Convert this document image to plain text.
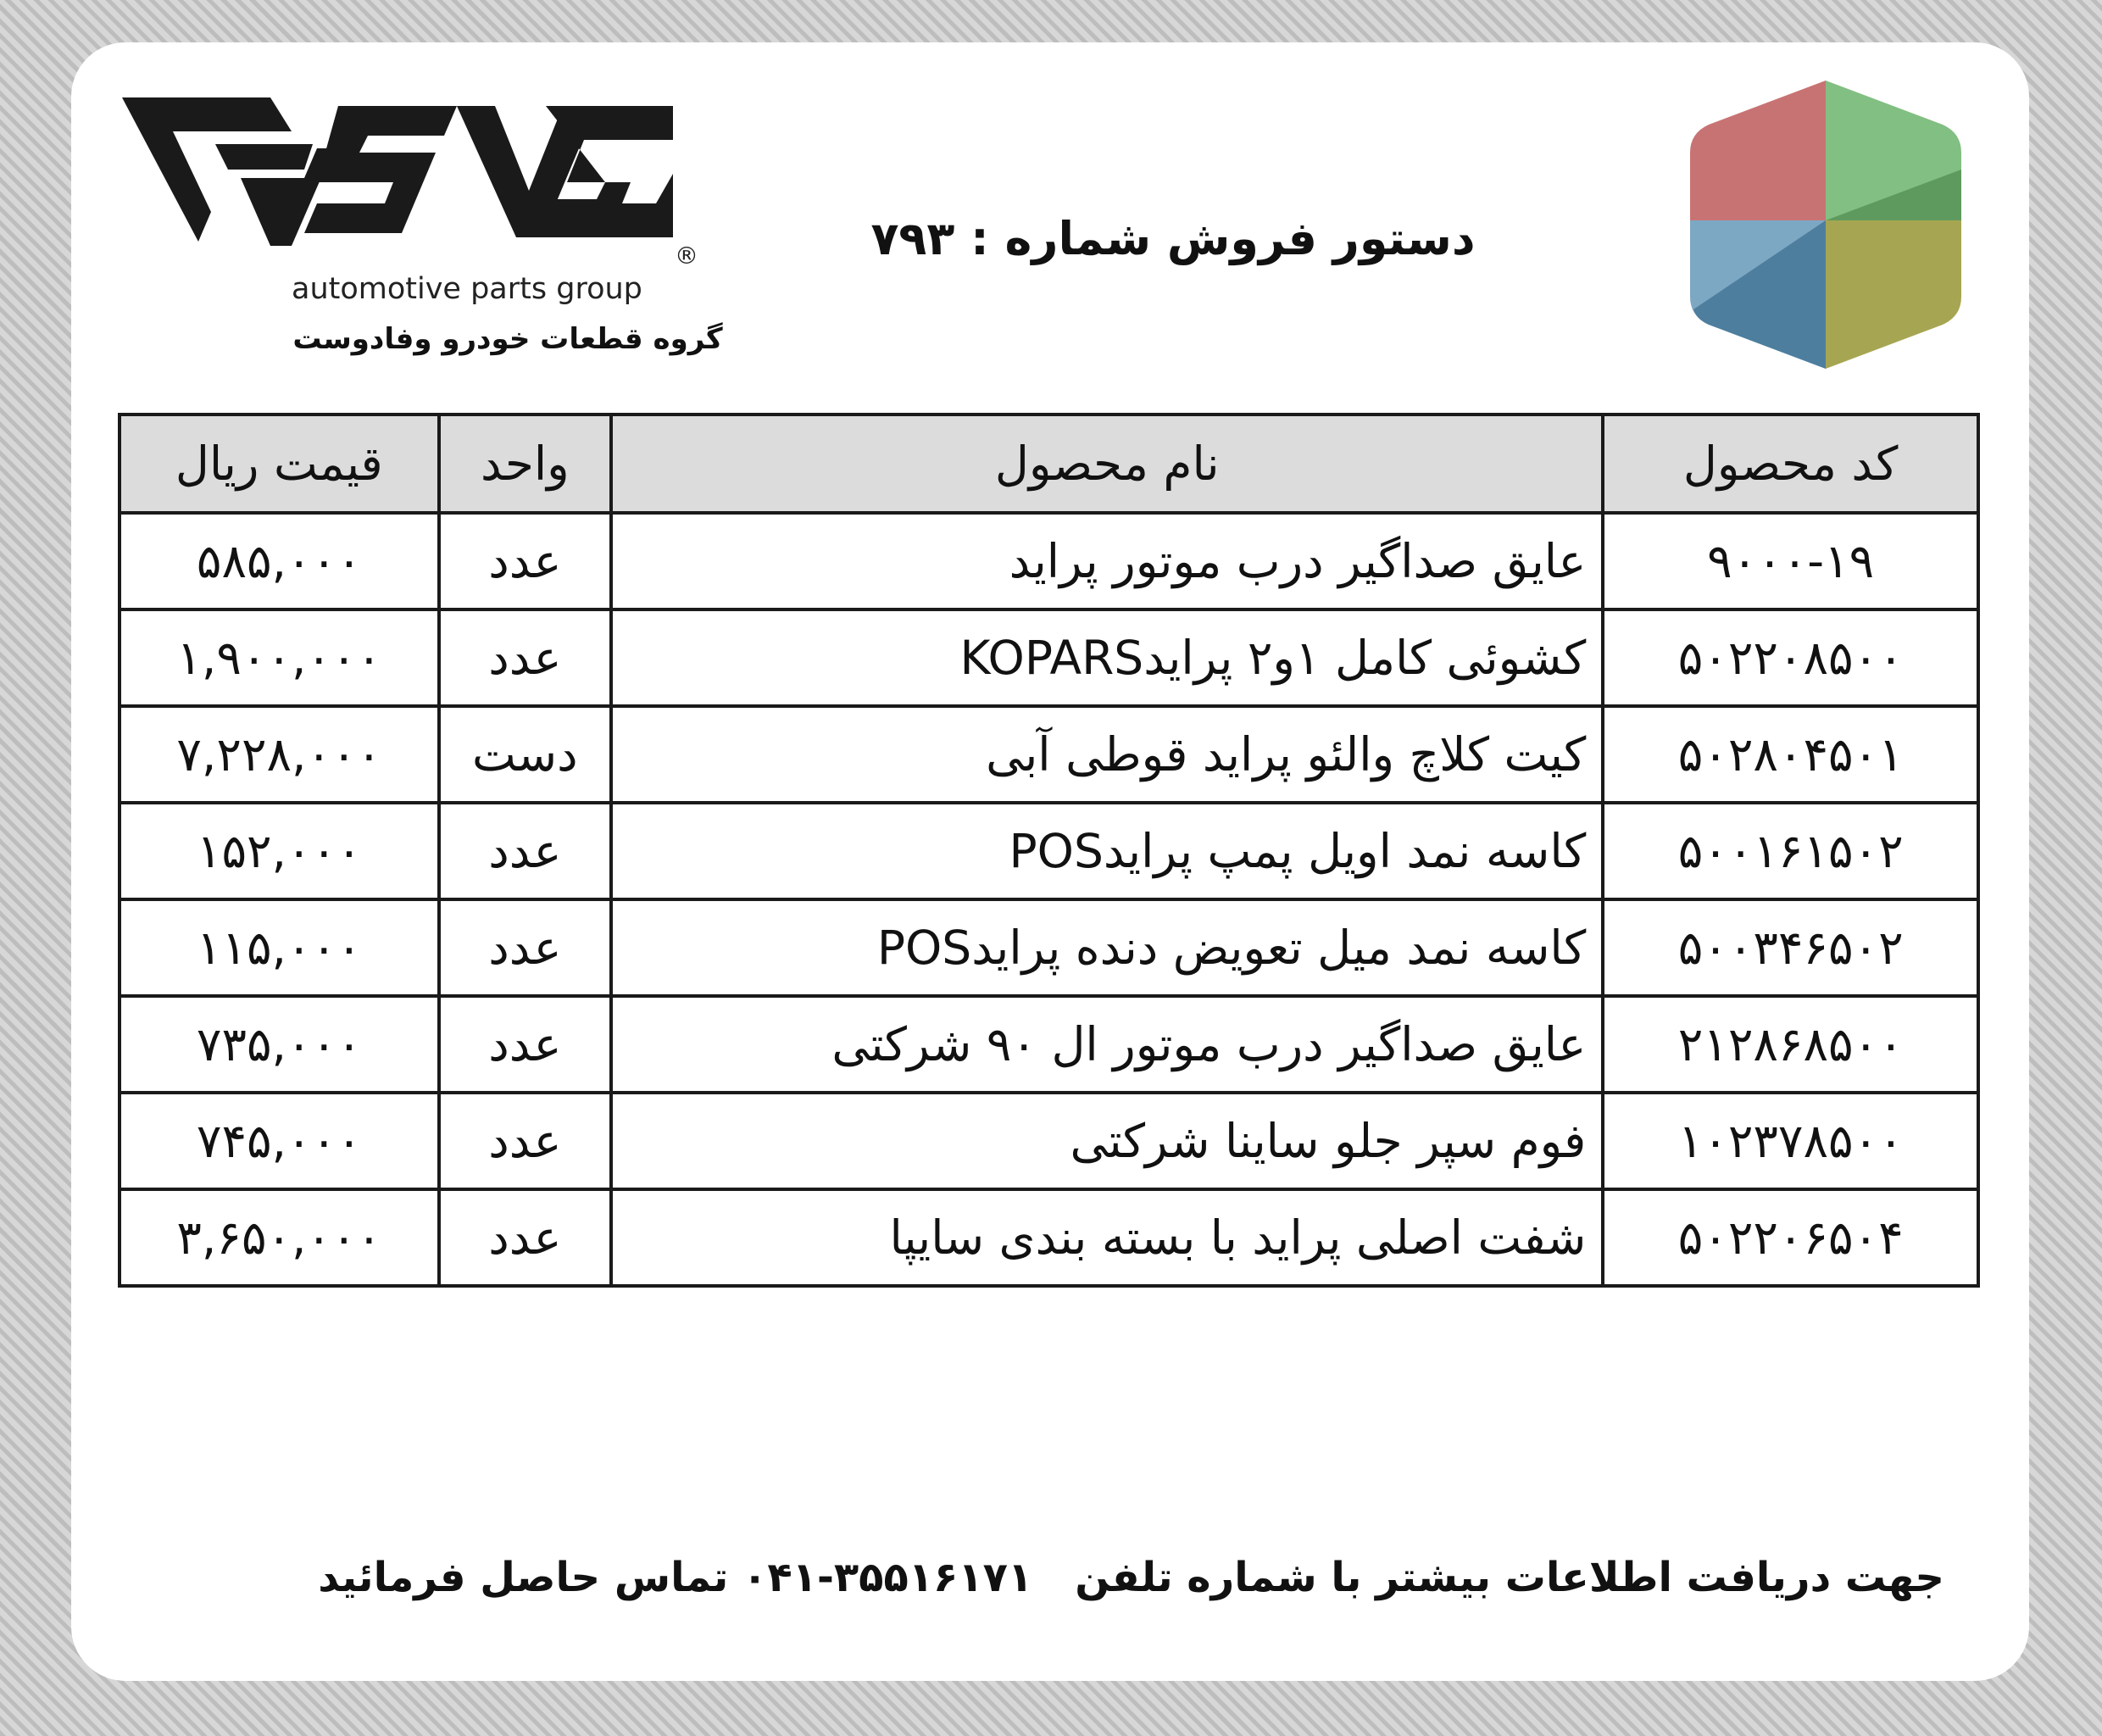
®
automotive parts group
گروه قطعات خودرو وفادوست
دستور فروش شماره : ۷۹۳
کد محصول	نام محصول	واحد	قیمت ریال
۹۰۰۰-۱۹	عایق صداگیر درب موتور پراید	عدد	۵۸۵,۰۰۰
۵۰۲۲۰۸۵۰۰	کشوئی کامل ۱و۲ پرایدKOPARS	عدد	۱,۹۰۰,۰۰۰
۵۰۲۸۰۴۵۰۱	کیت کلاچ والئو پراید قوطی آبی	دست	۷,۲۲۸,۰۰۰
۵۰۰۱۶۱۵۰۲	کاسه نمد اویل پمپ پرایدPOS	عدد	۱۵۲,۰۰۰
۵۰۰۳۴۶۵۰۲	کاسه نمد میل تعویض دنده پرایدPOS	عدد	۱۱۵,۰۰۰
۲۱۲۸۶۸۵۰۰	عایق صداگیر درب موتور ال ۹۰ شرکتی	عدد	۷۳۵,۰۰۰
۱۰۲۳۷۸۵۰۰	فوم سپر جلو ساینا شرکتی	عدد	۷۴۵,۰۰۰
۵۰۲۲۰۶۵۰۴	شفت اصلی پراید با بسته بندی سایپا	عدد	۳,۶۵۰,۰۰۰
جهت دریافت اطلاعات بیشتر با شماره تلفن۰۴۱-۳۵۵۱۶۱۷۱ تماس حاصل فرمائید
